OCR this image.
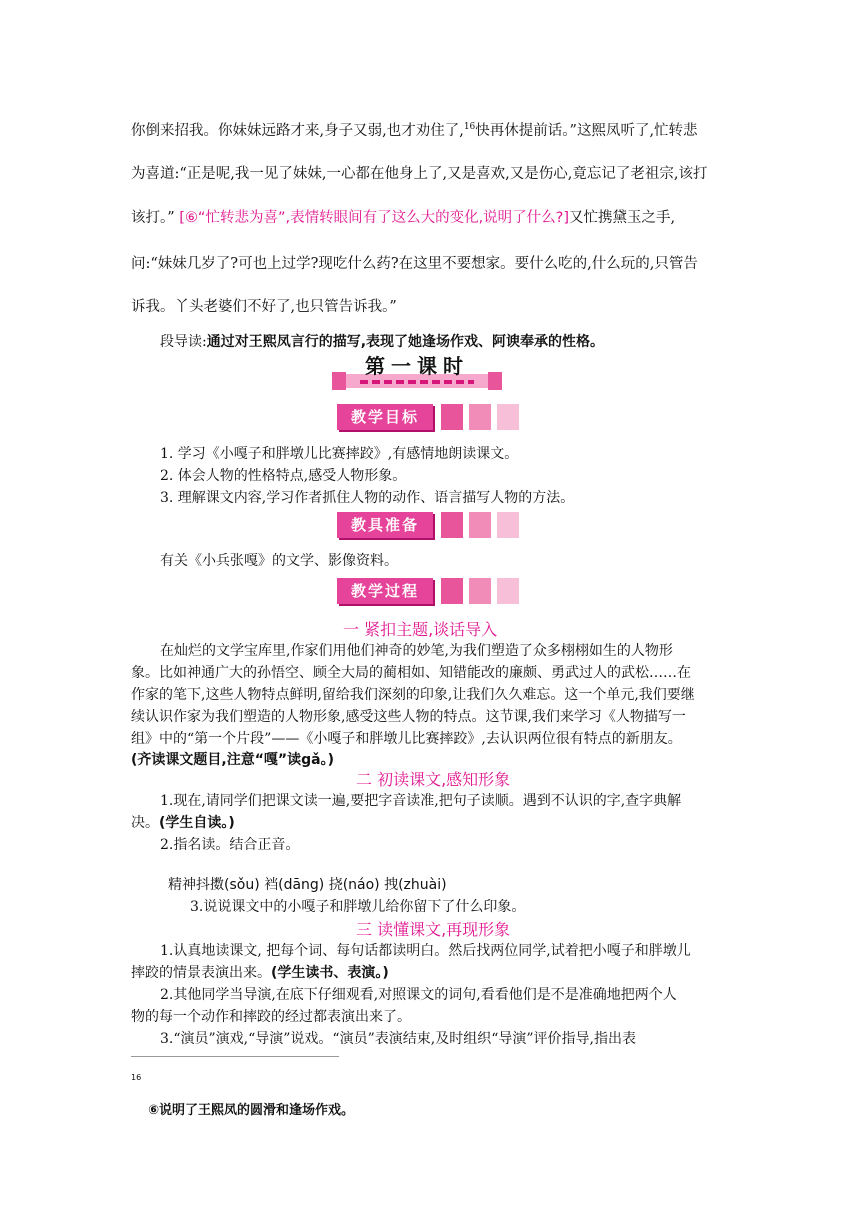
你倒来招我。你妹妹远路才来,身子又弱,也才劝住了,$^{16}$快再休提前话。”这熙凤听了,忙转悲
为喜道:“正是呢,我一见了妹妹,一心都在他身上了,又是喜欢,又是伤心,竟忘记了老祖宗,该打
该打。” [⑥“忙转悲为喜”,表情转眼间有了这么大的变化,说明了什么?]又忙携黛玉之手,
问:“妹妹几岁了?可也上过学?现吃什么药?在这里不要想家。要什么吃的,什么玩的,只管告
诉我。丫头老婆们不好了,也只管告诉我。”
段导读:通过对王熙凤言行的描写,表现了她逢场作戏、阿谀奉承的性格。
第一课时
教学目标
1. 学习《小嘎子和胖墩儿比赛摔跤》,有感情地朗读课文。
2. 体会人物的性格特点,感受人物形象。
3. 理解课文内容,学习作者抓住人物的动作、语言描写人物的方法。
教具准备
有关《小兵张嘎》的文学、影像资料。
教学过程
一 紧扣主题,谈话导入
在灿烂的文学宝库里,作家们用他们神奇的妙笔,为我们塑造了众多栩栩如生的人物形
象。比如神通广大的孙悟空、顾全大局的蔺相如、知错能改的廉颇、勇武过人的武松……在
作家的笔下,这些人物特点鲜明,留给我们深刻的印象,让我们久久难忘。这一个单元,我们要继
续认识作家为我们塑造的人物形象,感受这些人物的特点。这节课,我们来学习《人物描写一
组》中的“第一个片段”——《小嘎子和胖墩儿比赛摔跤》,去认识两位很有特点的新朋友。
(齐读课文题目,注意“嘎”读gǎ。)
二 初读课文,感知形象
1.现在,请同学们把课文读一遍,要把字音读准,把句子读顺。遇到不认识的字,查字典解
决。(学生自读。)
2.指名读。结合正音。
精神抖擞(sǒu) 裆(dāng) 挠(náo) 拽(zhuài)
3.说说课文中的小嘎子和胖墩儿给你留下了什么印象。
三 读懂课文,再现形象
1.认真地读课文, 把每个词、每句话都读明白。然后找两位同学,试着把小嘎子和胖墩儿
摔跤的情景表演出来。(学生读书、表演。)
2.其他同学当导演,在底下仔细观看,对照课文的词句,看看他们是不是准确地把两个人
物的每一个动作和摔跤的经过都表演出来了。
3.“演员”演戏,“导演”说戏。“演员”表演结束,及时组织“导演”评价指导,指出表
16
⑥说明了王熙凤的圆滑和逢场作戏。
